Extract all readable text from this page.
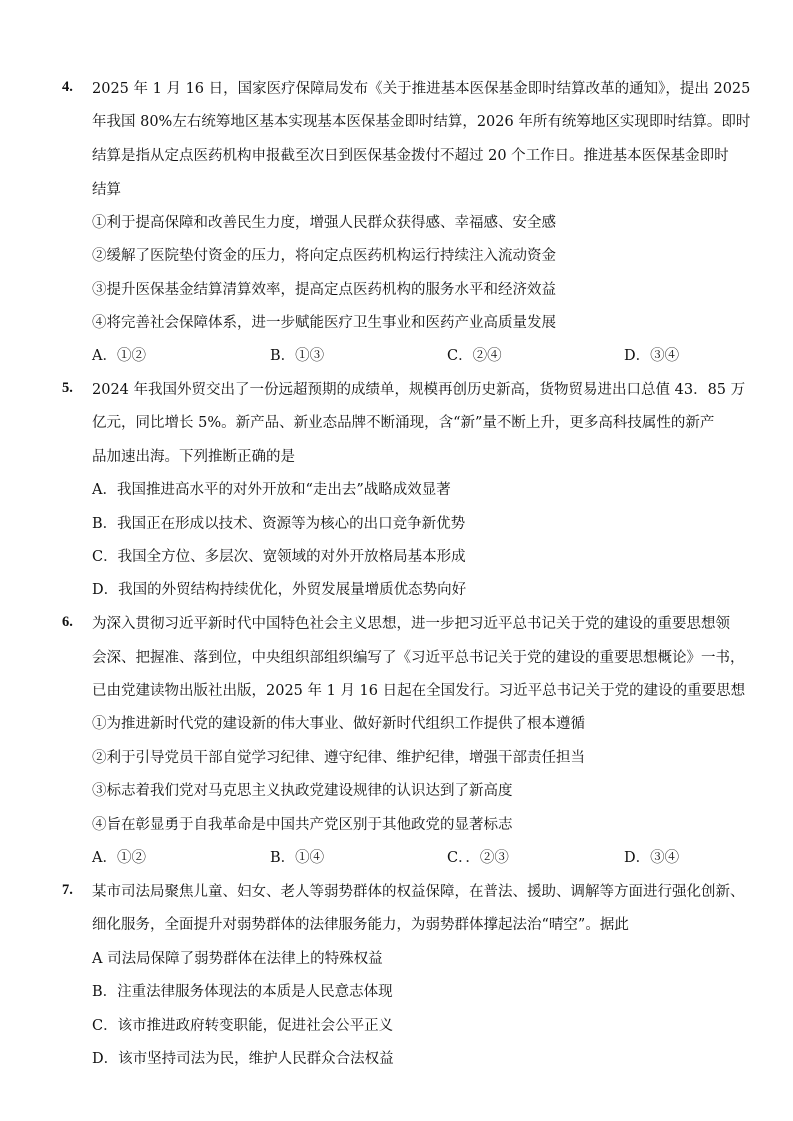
4. 2025 年 1 月 16 日，国家医疗保障局发布《关于推进基本医保基金即时结算改革的通知》，提出 2025
年我国 80%左右统筹地区基本实现基本医保基金即时结算，2026 年所有统筹地区实现即时结算。即时
结算是指从定点医药机构申报截至次日到医保基金拨付不超过 20 个工作日。推进基本医保基金即时
结算
①利于提高保障和改善民生力度，增强人民群众获得感、幸福感、安全感
②缓解了医院垫付资金的压力，将向定点医药机构运行持续注入流动资金
③提升医保基金结算清算效率，提高定点医药机构的服务水平和经济效益
④将完善社会保障体系，进一步赋能医疗卫生事业和医药产业高质量发展
A．①②	B．①③	C．②④	D．③④
5. 2024 年我国外贸交出了一份远超预期的成绩单，规模再创历史新高，货物贸易进出口总值 43．85 万
亿元，同比增长 5%。新产品、新业态品牌不断涌现，含“新”量不断上升，更多高科技属性的新产
品加速出海。下列推断正确的是
A．我国推进高水平的对外开放和“走出去”战略成效显著
B．我国正在形成以技术、资源等为核心的出口竞争新优势
C．我国全方位、多层次、宽领域的对外开放格局基本形成
D．我国的外贸结构持续优化，外贸发展量增质优态势向好
6. 为深入贯彻习近平新时代中国特色社会主义思想，进一步把习近平总书记关于党的建设的重要思想领
会深、把握准、落到位，中央组织部组织编写了《习近平总书记关于党的建设的重要思想概论》一书，
已由党建读物出版社出版，2025 年 1 月 16 日起在全国发行。习近平总书记关于党的建设的重要思想
①为推进新时代党的建设新的伟大事业、做好新时代组织工作提供了根本遵循
②利于引导党员干部自觉学习纪律、遵守纪律、维护纪律，增强干部责任担当
③标志着我们党对马克思主义执政党建设规律的认识达到了新高度
④旨在彰显勇于自我革命是中国共产党区别于其他政党的显著标志
A．①②	B．①④	C．．②③	D．③④
7. 某市司法局聚焦儿童、妇女、老人等弱势群体的权益保障，在普法、援助、调解等方面进行强化创新、
细化服务，全面提升对弱势群体的法律服务能力，为弱势群体撑起法治“晴空”。据此
A 司法局保障了弱势群体在法律上的特殊权益
B．注重法律服务体现法的本质是人民意志体现
C．该市推进政府转变职能，促进社会公平正义
D．该市坚持司法为民，维护人民群众合法权益
